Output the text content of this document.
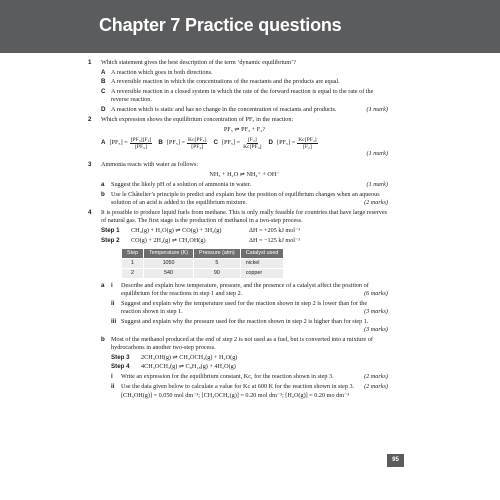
Chapter 7 Practice questions
1 Which statement gives the best description of the term ‘dynamic equilibrium’?
A A reaction which goes in both directions.
B A reversible reaction in which the concentrations of the reactants and the products are equal.
C A reversible reaction in a closed system in which the rate of the forward reaction is equal to the rate of the reverse reaction.
D A reaction which is static and has no change in the concentration of reactants and products.	(1 mark)
2 Which expression shows the equilibrium concentration of PF₅ in the reaction:
PF₅ ⇌ PF₃ + F₂?
A $[PF_5] = \frac{\text{[PF₃][F₂]}}{\text{[PF₅]}}$ B $[PF_5] = \frac{\text{Kc[PF₃]}}{\text{[PF₂]}}$ C $[PF_5] = \frac{\text{[F₂]}}{\text{Kc[PF₃]}}$ D $[PF_5] = \frac{\text{Kc[PF₃]}}{\text{[F₂]}}$
(1 mark)
3 Ammonia reacts with water as follows:
NH₃ + H₂O ⇌ NH₄⁺ + OH⁻
a Suggest the likely pH of a solution of ammonia in water.	(1 mark)
b Use le Châtelier’s principle to predict and explain how the position of equilibrium changes when an aqueous solution of an acid is added to the equilibrium mixture.	(2 marks)
4 It is possible to produce liquid fuels from methane. This is only really feasible for countries that have large reserves of natural gas. The first stage is the production of methanol in a two-step process.
Step 1	CH₄(g) + H₂O(g) ⇌ CO(g) + 3H₂(g)	ΔH = +205 kJ mol⁻¹
Step 2	CO(g) + 2H₂(g) ⇌ CH₃OH(g)	ΔH = −125 kJ mol⁻¹
Step	Temperature (K)	Pressure (atm)	Catalyst used
1	1050	5	nickel
2	540	90	copper
a i Describe and explain how temperature, pressure, and the presence of a catalyst affect the position of equilibrium for the reactions in step 1 and step 2.	(6 marks)
ii Suggest and explain why the temperature used for the reaction shown in step 2 is lower than for the reaction shown in step 1.	(3 marks)
iii Suggest and explain why the pressure used for the reaction shown in step 2 is higher than for step 1.
(3 marks)
b Most of the methanol produced at the end of step 2 is not used as a fuel, but is converted into a mixture of hydrocarbons in another two-step process.
Step 3	2CH₃OH(g) ⇌ CH₃OCH₃(g) + H₂O(g)
Step 4	4CH₃OCH₃(g) ⇌ C₈H₁₈(g) + 4H₂O(g)
i Write an expression for the equilibrium constant, Kc, for the reaction shown in step 3.	(2 marks)
ii Use the data given below to calculate a value for Kc at 600 K for the reaction shown in step 3. (2 marks)
[CH₃OH(g)] = 0.050 mol dm⁻³; [CH₃OCH₃(g)] = 0.20 mol dm⁻³; [H₂O(g)] = 0.20 mo dm⁻³
95
